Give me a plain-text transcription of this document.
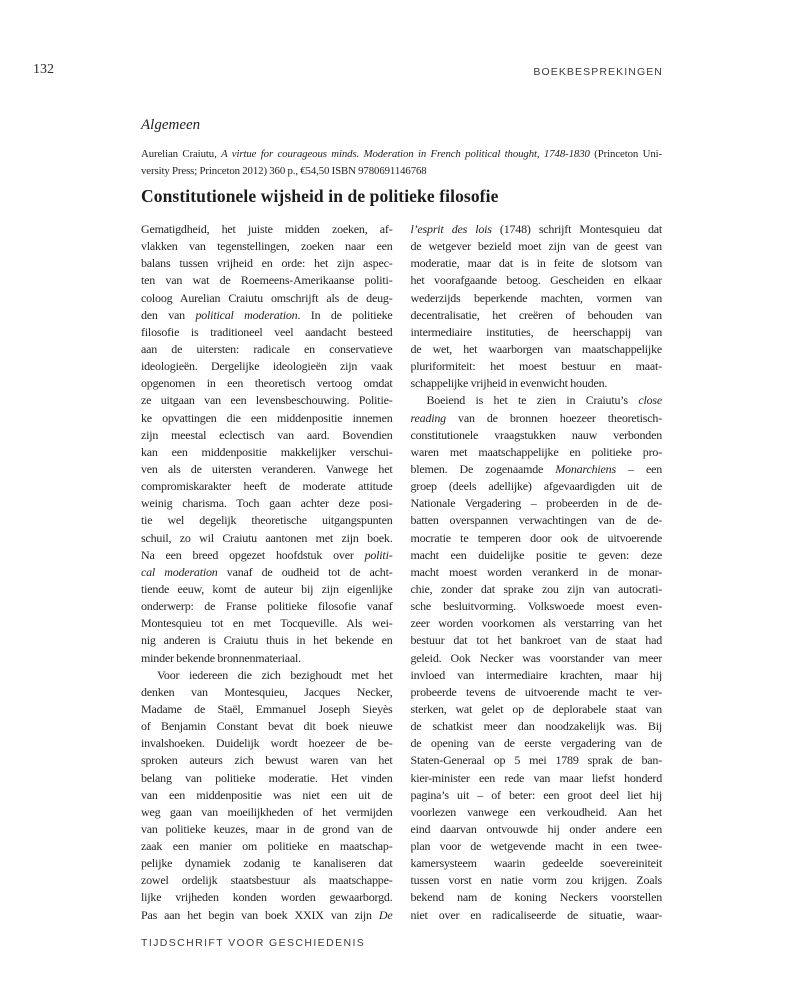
132	BOEKBESPREKINGEN
Algemeen
Aurelian Craiutu, A virtue for courageous minds. Moderation in French political thought, 1748-1830 (Princeton Uni-
versity Press; Princeton 2012) 360 p., €54,50 ISBN 9780691146768
Constitutionele wijsheid in de politieke filosofie
Gematigdheid, het juiste midden zoeken, af-
vlakken van tegenstellingen, zoeken naar een
balans tussen vrijheid en orde: het zijn aspec-
ten van wat de Roemeens-Amerikaanse politi-
coloog Aurelian Craiutu omschrijft als de deug-
den van political moderation. In de politieke
filosofie is traditioneel veel aandacht besteed
aan de uitersten: radicale en conservatieve
ideologieën. Dergelijke ideologieën zijn vaak
opgenomen in een theoretisch vertoog omdat
ze uitgaan van een levensbeschouwing. Politie-
ke opvattingen die een middenpositie innemen
zijn meestal eclectisch van aard. Bovendien
kan een middenpositie makkelijker verschui-
ven als de uitersten veranderen. Vanwege het
compromiskarakter heeft de moderate attitude
weinig charisma. Toch gaan achter deze posi-
tie wel degelijk theoretische uitgangspunten
schuil, zo wil Craiutu aantonen met zijn boek.
Na een breed opgezet hoofdstuk over politi-
cal moderation vanaf de oudheid tot de acht-
tiende eeuw, komt de auteur bij zijn eigenlijke
onderwerp: de Franse politieke filosofie vanaf
Montesquieu tot en met Tocqueville. Als wei-
nig anderen is Craiutu thuis in het bekende en
minder bekende bronnenmateriaal.
Voor iedereen die zich bezighoudt met het
denken van Montesquieu, Jacques Necker,
Madame de Staël, Emmanuel Joseph Sieyès
of Benjamin Constant bevat dit boek nieuwe
invalshoeken. Duidelijk wordt hoezeer de be-
sproken auteurs zich bewust waren van het
belang van politieke moderatie. Het vinden
van een middenpositie was niet een uit de
weg gaan van moeilijkheden of het vermijden
van politieke keuzes, maar in de grond van de
zaak een manier om politieke en maatschap-
pelijke dynamiek zodanig te kanaliseren dat
zowel ordelijk staatsbestuur als maatschappe-
lijke vrijheden konden worden gewaarborgd.
Pas aan het begin van boek XXIX van zijn De
l’esprit des lois (1748) schrijft Montesquieu dat
de wetgever bezield moet zijn van de geest van
moderatie, maar dat is in feite de slotsom van
het voorafgaande betoog. Gescheiden en elkaar
wederzijds beperkende machten, vormen van
decentralisatie, het creëren of behouden van
intermediaire instituties, de heerschappij van
de wet, het waarborgen van maatschappelijke
pluriformiteit: het moest bestuur en maat-
schappelijke vrijheid in evenwicht houden.
Boeiend is het te zien in Craiutu’s close
reading van de bronnen hoezeer theoretisch-
constitutionele vraagstukken nauw verbonden
waren met maatschappelijke en politieke pro-
blemen. De zogenaamde Monarchiens – een
groep (deels adellijke) afgevaardigden uit de
Nationale Vergadering – probeerden in de de-
batten overspannen verwachtingen van de de-
mocratie te temperen door ook de uitvoerende
macht een duidelijke positie te geven: deze
macht moest worden verankerd in de monar-
chie, zonder dat sprake zou zijn van autocrati-
sche besluitvorming. Volkswoede moest even-
zeer worden voorkomen als verstarring van het
bestuur dat tot het bankroet van de staat had
geleid. Ook Necker was voorstander van meer
invloed van intermediaire krachten, maar hij
probeerde tevens de uitvoerende macht te ver-
sterken, wat gelet op de deplorabele staat van
de schatkist meer dan noodzakelijk was. Bij
de opening van de eerste vergadering van de
Staten-Generaal op 5 mei 1789 sprak de ban-
kier-minister een rede van maar liefst honderd
pagina’s uit – of beter: een groot deel liet hij
voorlezen vanwege een verkoudheid. Aan het
eind daarvan ontvouwde hij onder andere een
plan voor de wetgevende macht in een twee-
kamersysteem waarin gedeelde soevereiniteit
tussen vorst en natie vorm zou krijgen. Zoals
bekend nam de koning Neckers voorstellen
niet over en radicaliseerde de situatie, waar-
TIJDSCHRIFT VOOR GESCHIEDENIS
